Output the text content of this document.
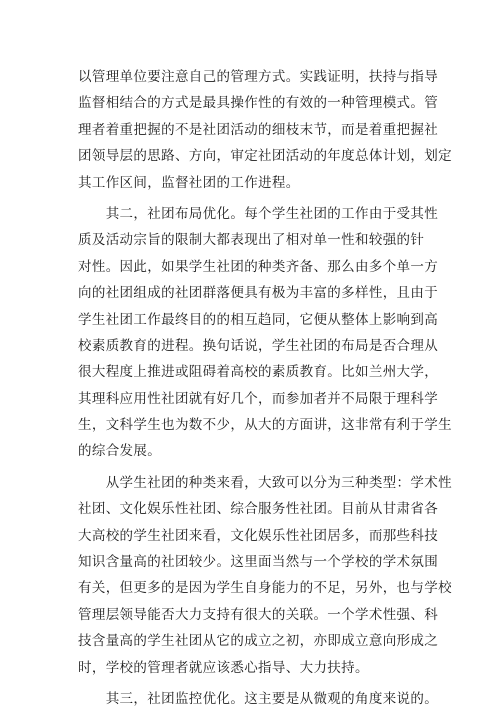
以管理单位要注意自己的管理方式。实践证明，扶持与指导
监督相结合的方式是最具操作性的有效的一种管理模式。管
理者着重把握的不是社团活动的细枝末节，而是着重把握社
团领导层的思路、方向，审定社团活动的年度总体计划，划定
其工作区间，监督社团的工作进程。
　　其二，社团布局优化。每个学生社团的工作由于受其性
质及活动宗旨的限制大都表现出了相对单一性和较强的针
对性。因此，如果学生社团的种类齐备、那么由多个单一方
向的社团组成的社团群落便具有极为丰富的多样性，且由于
学生社团工作最终目的的相互趋同，它便从整体上影响到高
校素质教育的进程。换句话说，学生社团的布局是否合理从
很大程度上推进或阻碍着高校的素质教育。比如兰州大学，
其理科应用性社团就有好几个，而参加者并不局限于理科学
生，文科学生也为数不少，从大的方面讲，这非常有利于学生
的综合发展。
　　从学生社团的种类来看，大致可以分为三种类型：学术性
社团、文化娱乐性社团、综合服务性社团。目前从甘肃省各
大高校的学生社团来看，文化娱乐性社团居多，而那些科技
知识含量高的社团较少。这里面当然与一个学校的学术氛围
有关，但更多的是因为学生自身能力的不足，另外，也与学校
管理层领导能否大力支持有很大的关联。一个学术性强、科
技含量高的学生社团从它的成立之初，亦即成立意向形成之
时，学校的管理者就应该悉心指导、大力扶持。
　　其三，社团监控优化。这主要是从微观的角度来说的。
